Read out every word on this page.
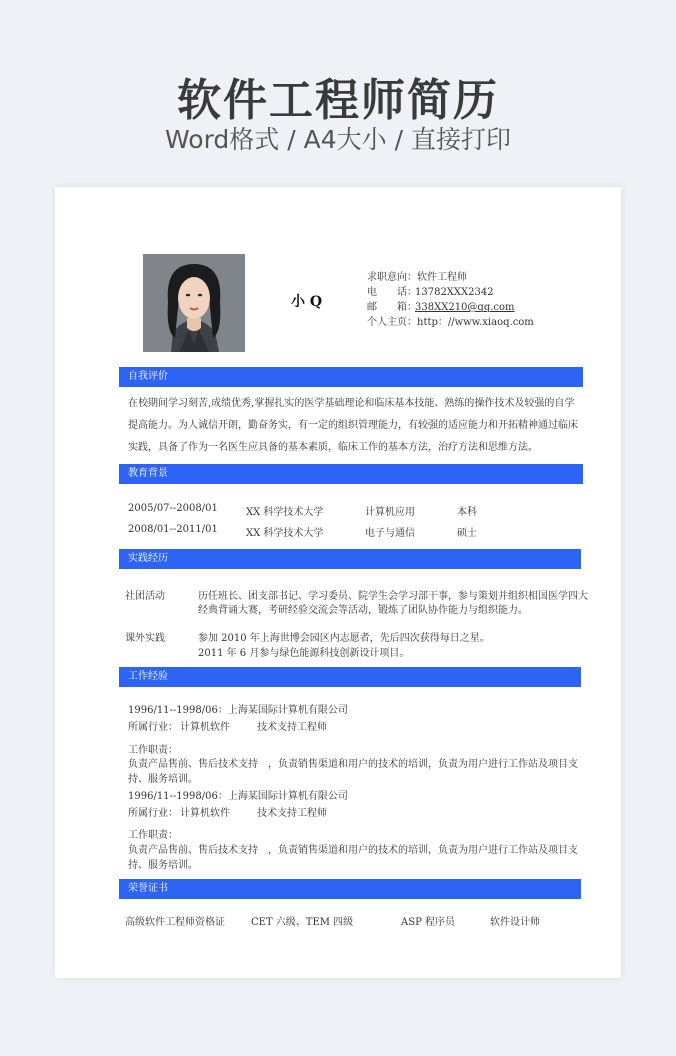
软件工程师简历
Word格式 / A4大小 / 直接打印
小 Q
求职意向： 软件工程师
电　　话：
13782XXX2342
邮　　箱：
338XX210@qq.com
个人主页： http：//www.xiaoq.com
自我评价
在校期间学习刻苦,成绩优秀,掌握扎实的医学基础理论和临床基本技能、熟练的操作技术及较强的自学提高能力。为人诚信开朗，勤奋务实，有一定的组织管理能力，有较强的适应能力和开拓精神通过临床实践，具备了作为一名医生应具备的基本素质，临床工作的基本方法，治疗方法和思维方法。
教育背景
2005/07--2008/01	XX 科学技术大学	计算机应用	本科
2008/01--2011/01	XX 科学技术大学	电子与通信	硕士
实践经历
社团活动	历任班长、团支部书记、学习委员、院学生会学习部干事，参与策划并组织相国医学四大
经典背诵大赛，考研经验交流会等活动，锻炼了团队协作能力与组织能力。
课外实践	参加 2010 年上海世博会园区内志愿者，先后四次获得每日之星。
2011 年 6 月参与绿色能源科技创新设计项目。
工作经验
1996/11--1998/06：上海某国际计算机有限公司
所属行业： 计算机软件	技术支持工程师
工作职责：
负责产品售前、售后技术支持　，负责销售渠道和用户的技术的培训，负责为用户进行工作站及项目支持、服务培训。
1996/11--1998/06：上海某国际计算机有限公司
所属行业： 计算机软件	技术支持工程师
工作职责：
负责产品售前、售后技术支持　，负责销售渠道和用户的技术的培训，负责为用户进行工作站及项目支持、服务培训。
荣誉证书
高级软件工程师资格证	CET 六级、TEM 四级	ASP 程序员	软件设计师
